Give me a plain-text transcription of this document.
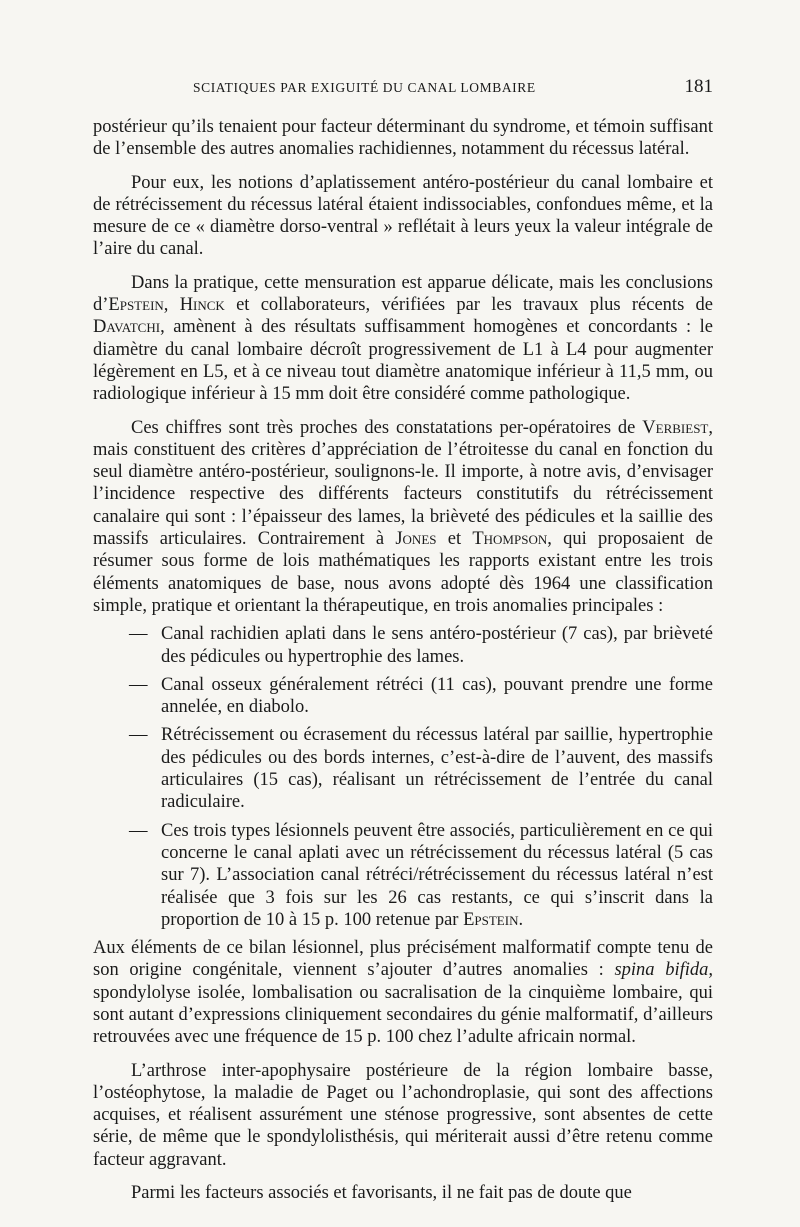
SCIATIQUES PAR EXIGUITÉ DU CANAL LOMBAIRE	181

postérieur qu’ils tenaient pour facteur déterminant du syndrome, et témoin suffisant de l’ensemble des autres anomalies rachidiennes, notamment du récessus latéral.

Pour eux, les notions d’aplatissement antéro-postérieur du canal lombaire et de rétrécissement du récessus latéral étaient indissociables, confondues même, et la mesure de ce « diamètre dorso-ventral » reflétait à leurs yeux la valeur intégrale de l’aire du canal.

Dans la pratique, cette mensuration est apparue délicate, mais les conclusions d’Epstein, Hinck et collaborateurs, vérifiées par les travaux plus récents de Davatchi, amènent à des résultats suffisamment homogènes et concordants : le diamètre du canal lombaire décroît progressivement de L1 à L4 pour augmenter légèrement en L5, et à ce niveau tout diamètre anatomique inférieur à 11,5 mm, ou radiologique inférieur à 15 mm doit être considéré comme pathologique.

Ces chiffres sont très proches des constatations per-opératoires de Verbiest, mais constituent des critères d’appréciation de l’étroitesse du canal en fonction du seul diamètre antéro-postérieur, soulignons-le. Il importe, à notre avis, d’envisager l’incidence respective des différents facteurs constitutifs du rétrécissement canalaire qui sont : l’épaisseur des lames, la brièveté des pédicules et la saillie des massifs articulaires. Contrairement à Jones et Thompson, qui proposaient de résumer sous forme de lois mathématiques les rapports existant entre les trois éléments anatomiques de base, nous avons adopté dès 1964 une classification simple, pratique et orientant la thérapeutique, en trois anomalies principales :

— Canal rachidien aplati dans le sens antéro-postérieur (7 cas), par brièveté des pédicules ou hypertrophie des lames.

— Canal osseux généralement rétréci (11 cas), pouvant prendre une forme annelée, en diabolo.

— Rétrécissement ou écrasement du récessus latéral par saillie, hypertrophie des pédicules ou des bords internes, c’est-à-dire de l’auvent, des massifs articulaires (15 cas), réalisant un rétrécissement de l’entrée du canal radiculaire.

— Ces trois types lésionnels peuvent être associés, particulièrement en ce qui concerne le canal aplati avec un rétrécissement du récessus latéral (5 cas sur 7). L’association canal rétréci/rétrécissement du récessus latéral n’est réalisée que 3 fois sur les 26 cas restants, ce qui s’inscrit dans la proportion de 10 à 15 p. 100 retenue par Epstein.

Aux éléments de ce bilan lésionnel, plus précisément malformatif compte tenu de son origine congénitale, viennent s’ajouter d’autres anomalies : spina bifida, spondylolyse isolée, lombalisation ou sacralisation de la cinquième lombaire, qui sont autant d’expressions cliniquement secondaires du génie malformatif, d’ailleurs retrouvées avec une fréquence de 15 p. 100 chez l’adulte africain normal.

L’arthrose inter-apophysaire postérieure de la région lombaire basse, l’ostéophytose, la maladie de Paget ou l’achondroplasie, qui sont des affections acquises, et réalisent assurément une sténose progressive, sont absentes de cette série, de même que le spondylolisthésis, qui mériterait aussi d’être retenu comme facteur aggravant.

Parmi les facteurs associés et favorisants, il ne fait pas de doute que
